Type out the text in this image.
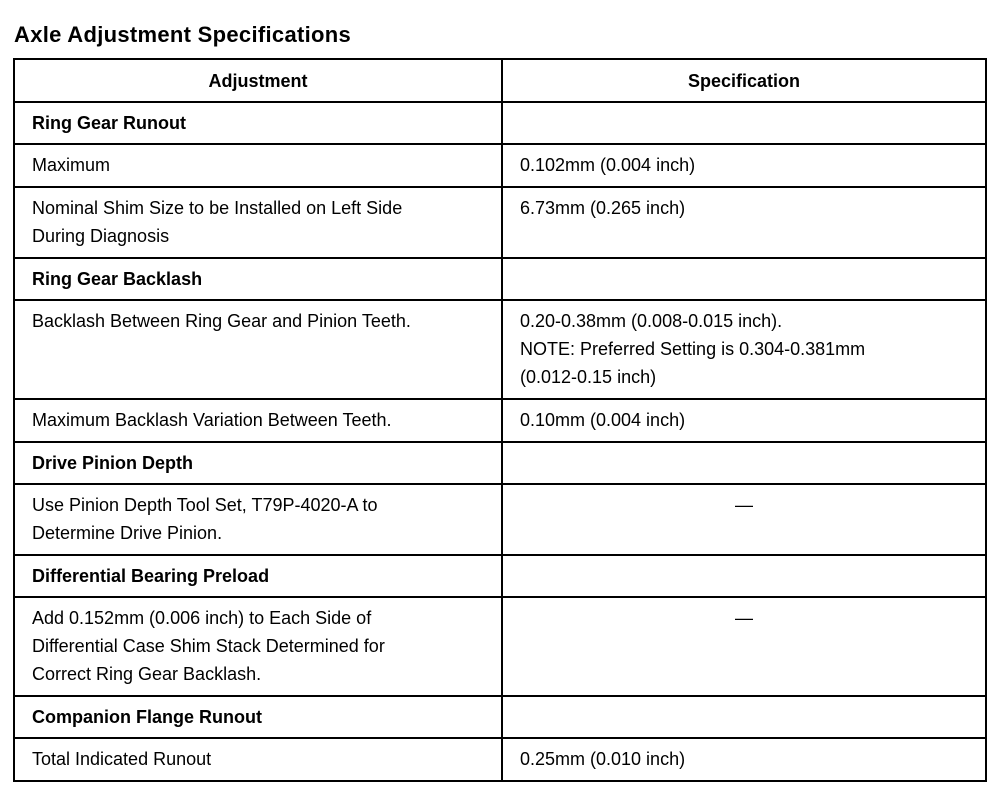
Axle Adjustment Specifications
Adjustment	Specification
Ring Gear Runout	
Maximum	0.102mm (0.004 inch)
Nominal Shim Size to be Installed on Left Side
During Diagnosis	6.73mm (0.265 inch)
Ring Gear Backlash	
Backlash Between Ring Gear and Pinion Teeth.	0.20-0.38mm (0.008-0.015 inch).
NOTE: Preferred Setting is 0.304-0.381mm
(0.012-0.15 inch)

Maximum Backlash Variation Between Teeth.	0.10mm (0.004 inch)
Drive Pinion Depth	
Use Pinion Depth Tool Set, T79P-4020-A to
Determine Drive Pinion.	—
Differential Bearing Preload	
Add 0.152mm (0.006 inch) to Each Side of
Differential Case Shim Stack Determined for
Correct Ring Gear Backlash.	—
Companion Flange Runout	
Total Indicated Runout	0.25mm (0.010 inch)
